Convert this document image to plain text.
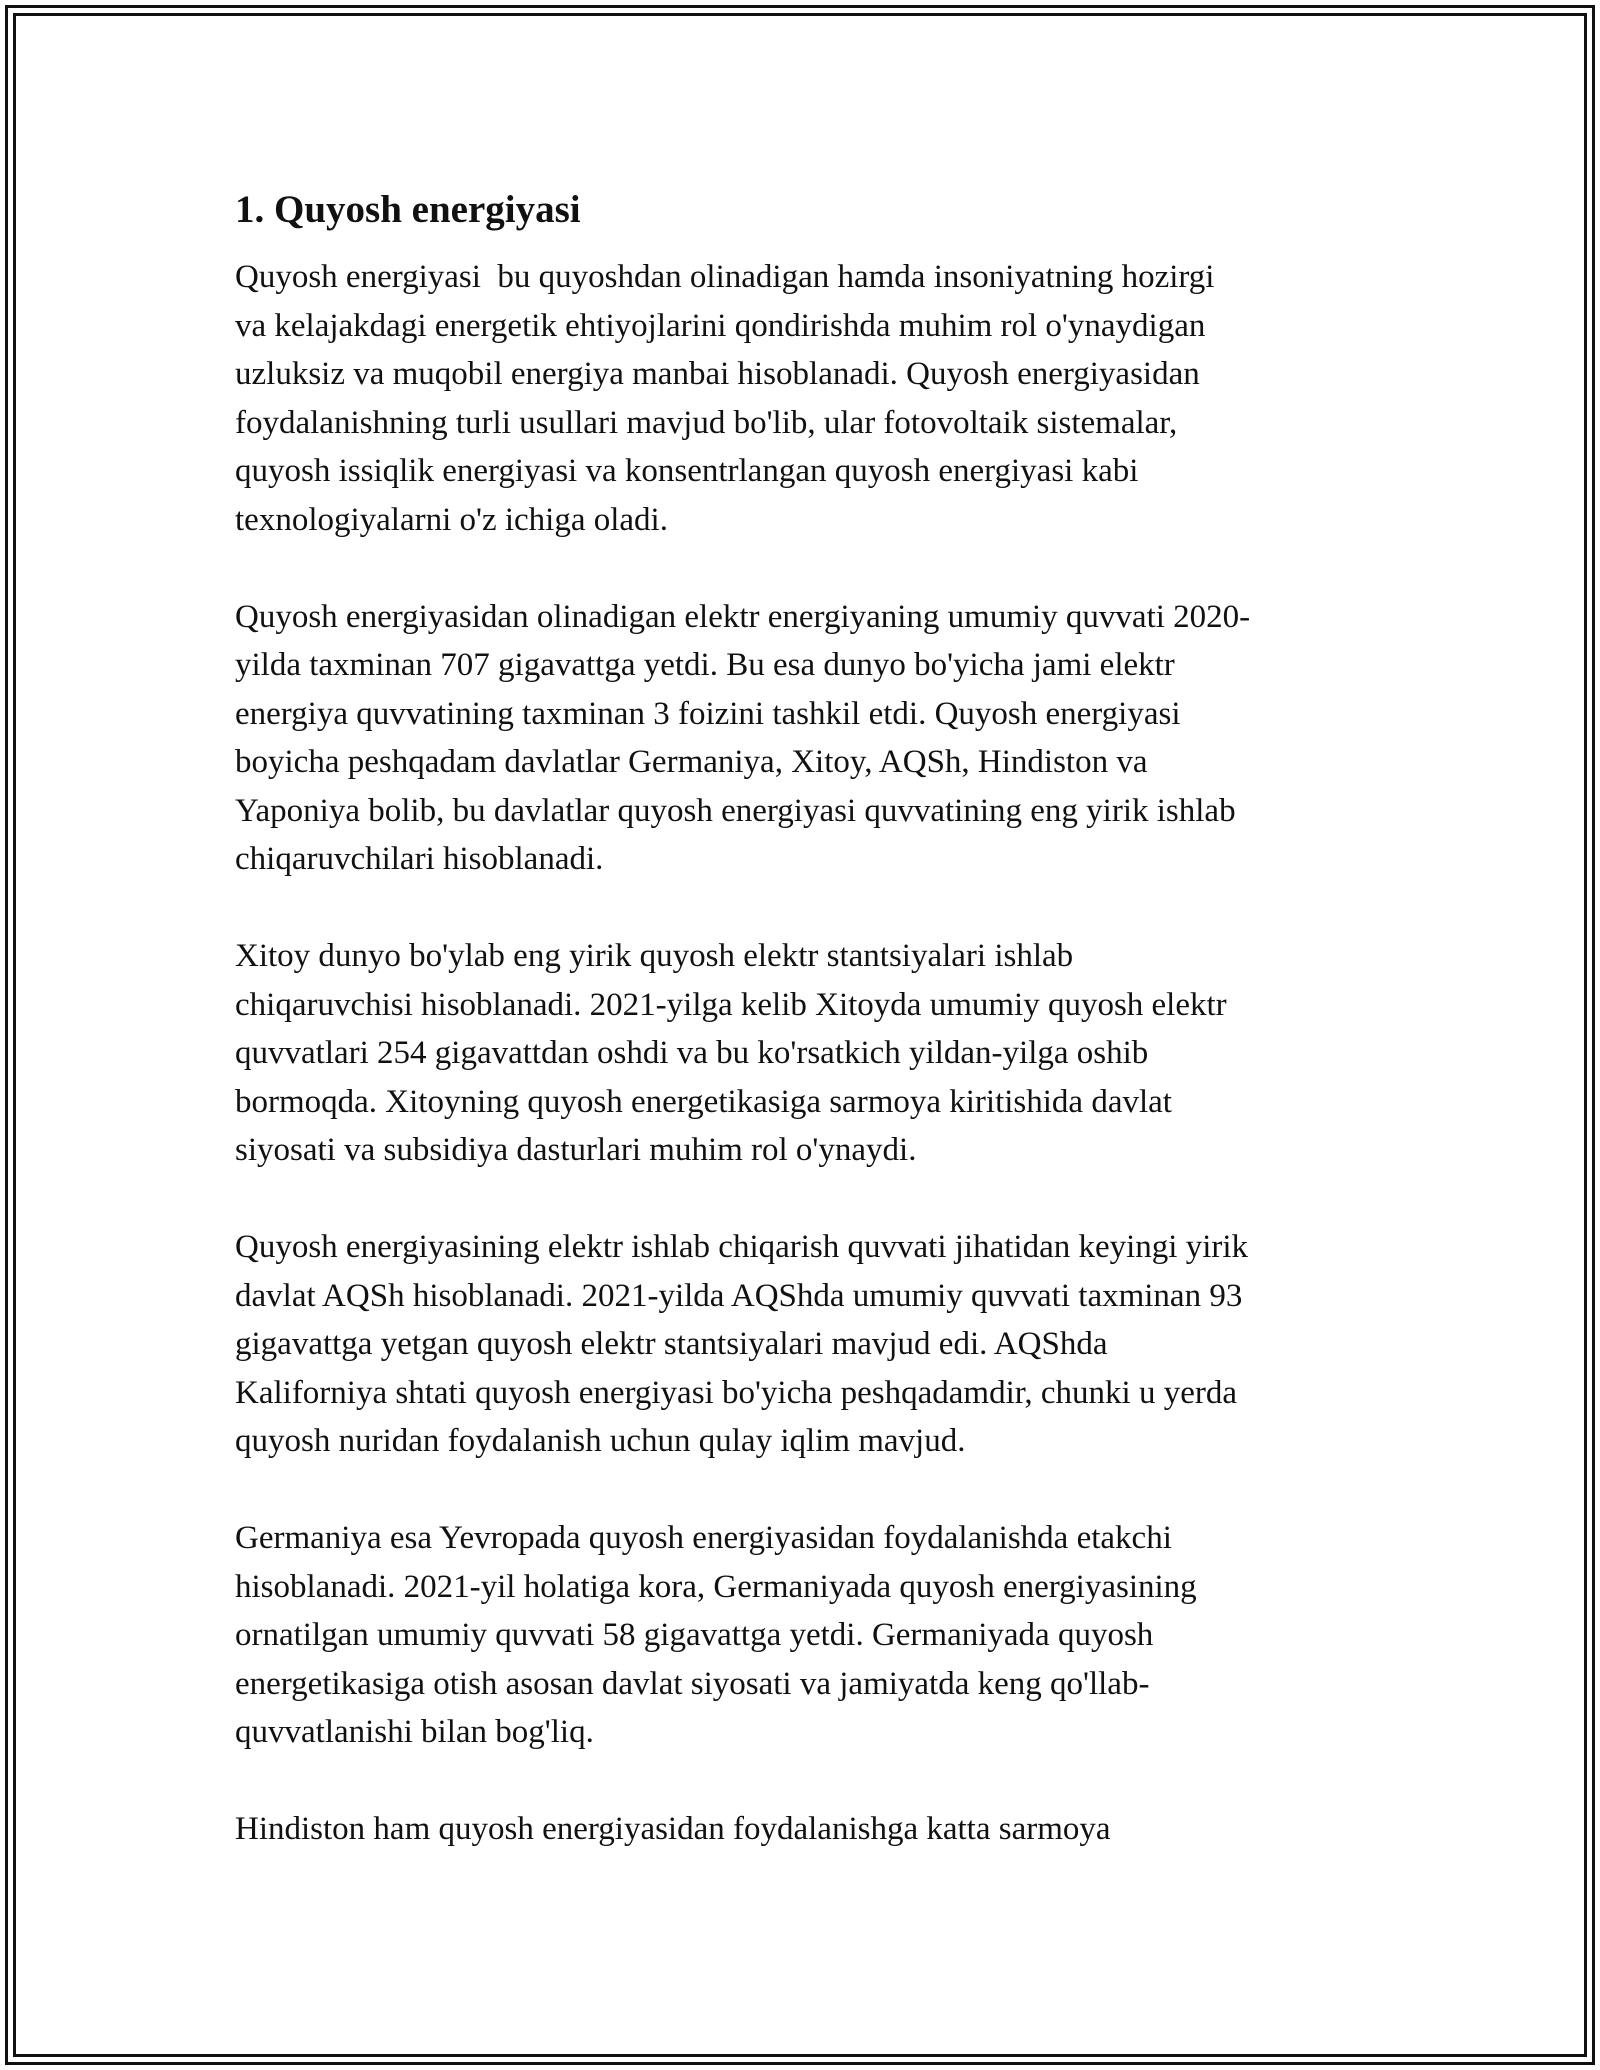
1. Quyosh energiyasi

Quyosh energiyasi  bu quyoshdan olinadigan hamda insoniyatning hozirgi
va kelajakdagi energetik ehtiyojlarini qondirishda muhim rol o'ynaydigan
uzluksiz va muqobil energiya manbai hisoblanadi. Quyosh energiyasidan
foydalanishning turli usullari mavjud bo'lib, ular fotovoltaik sistemalar,
quyosh issiqlik energiyasi va konsentrlangan quyosh energiyasi kabi
texnologiyalarni o'z ichiga oladi.

Quyosh energiyasidan olinadigan elektr energiyaning umumiy quvvati 2020-
yilda taxminan 707 gigavattga yetdi. Bu esa dunyo bo'yicha jami elektr
energiya quvvatining taxminan 3 foizini tashkil etdi. Quyosh energiyasi
boyicha peshqadam davlatlar Germaniya, Xitoy, AQSh, Hindiston va
Yaponiya bolib, bu davlatlar quyosh energiyasi quvvatining eng yirik ishlab
chiqaruvchilari hisoblanadi.

Xitoy dunyo bo'ylab eng yirik quyosh elektr stantsiyalari ishlab
chiqaruvchisi hisoblanadi. 2021-yilga kelib Xitoyda umumiy quyosh elektr
quvvatlari 254 gigavattdan oshdi va bu ko'rsatkich yildan-yilga oshib
bormoqda. Xitoyning quyosh energetikasiga sarmoya kiritishida davlat
siyosati va subsidiya dasturlari muhim rol o'ynaydi.

Quyosh energiyasining elektr ishlab chiqarish quvvati jihatidan keyingi yirik
davlat AQSh hisoblanadi. 2021-yilda AQShda umumiy quvvati taxminan 93
gigavattga yetgan quyosh elektr stantsiyalari mavjud edi. AQShda
Kaliforniya shtati quyosh energiyasi bo'yicha peshqadamdir, chunki u yerda
quyosh nuridan foydalanish uchun qulay iqlim mavjud.

Germaniya esa Yevropada quyosh energiyasidan foydalanishda etakchi
hisoblanadi. 2021-yil holatiga kora, Germaniyada quyosh energiyasining
ornatilgan umumiy quvvati 58 gigavattga yetdi. Germaniyada quyosh
energetikasiga otish asosan davlat siyosati va jamiyatda keng qo'llab-
quvvatlanishi bilan bog'liq.

Hindiston ham quyosh energiyasidan foydalanishga katta sarmoya
